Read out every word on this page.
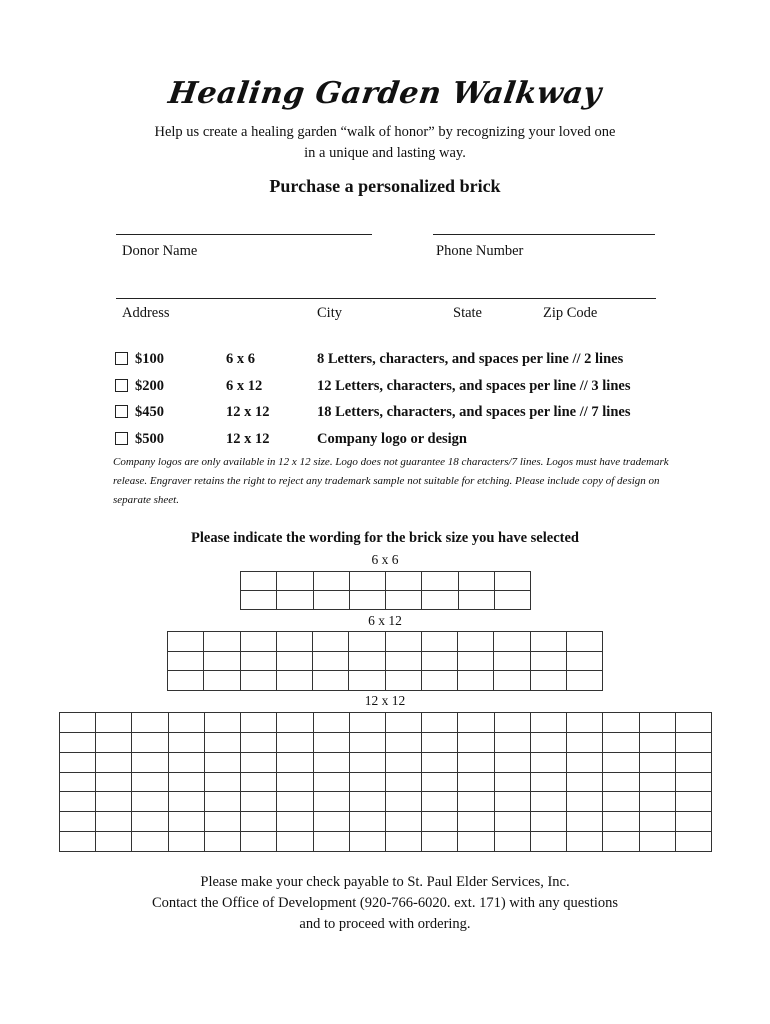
Healing Garden Walkway
Help us create a healing garden “walk of honor” by recognizing your loved one
in a unique and lasting way.
Purchase a personalized brick
Donor Name	Phone Number
Address	City	State	Zip Code
$100	6 x 6	8 Letters, characters, and spaces per line // 2 lines
$200	6 x 12	12 Letters, characters, and spaces per line // 3 lines
$450	12 x 12	18 Letters, characters, and spaces per line // 7 lines
$500	12 x 12	Company logo or design
Company logos are only available in 12 x 12 size. Logo does not guarantee 18 characters/7 lines. Logos must have trademark release. Engraver retains the right to reject any trademark sample not suitable for etching. Please include copy of design on separate sheet.
Please indicate the wording for the brick size you have selected
6 x 6
6 x 12
12 x 12

Please make your check payable to St. Paul Elder Services, Inc.
Contact the Office of Development (920-766-6020. ext. 171) with any questions
and to proceed with ordering.
